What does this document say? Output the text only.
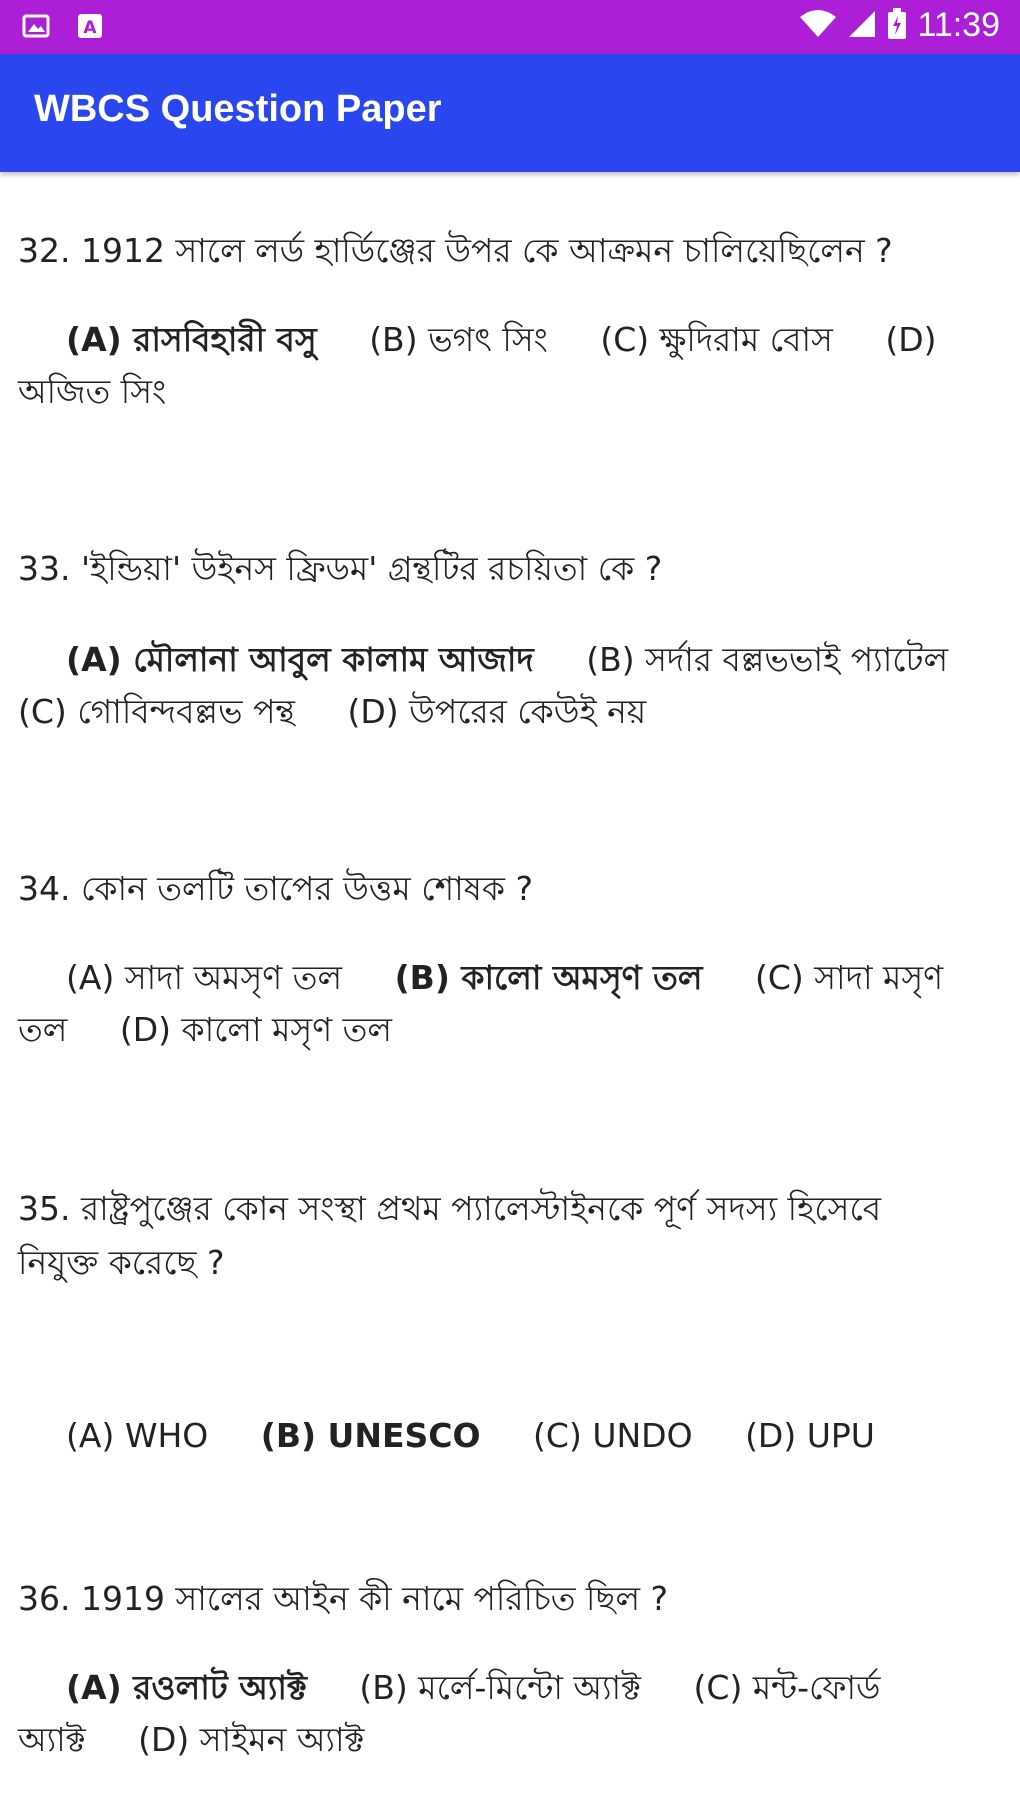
A	11:39
WBCS Question Paper
32. 1912 সালে লর্ড হার্ডিঞ্জের উপর কে আক্রমন চালিয়েছিলেন ?
(A) রাসবিহারী বসু (B) ভগৎ সিং (C) ক্ষুদিরাম বোস (D) অজিত সিং
33. 'ইন্ডিয়া' উইনস ফ্রিডম' গ্রন্থটির রচয়িতা কে ?
(A) মৌলানা আবুল কালাম আজাদ (B) সর্দার বল্লভভাই প্যাটেল (C) গোবিন্দবল্লভ পন্থ (D) উপরের কেউই নয়
34. কোন তলটি তাপের উত্তম শোষক ?
(A) সাদা অমসৃণ তল (B) কালো অমসৃণ তল (C) সাদা মসৃণ তল (D) কালো মসৃণ তল
35. রাষ্ট্রপুঞ্জের কোন সংস্থা প্রথম প্যালেস্টাইনকে পূর্ণ সদস্য হিসেবে নিযুক্ত করেছে ?
(A) WHO (B) UNESCO (C) UNDO (D) UPU
36. 1919 সালের আইন কী নামে পরিচিত ছিল ?
(A) রওলাট অ্যাক্ট (B) মর্লে-মিন্টো অ্যাক্ট (C) মন্ট-ফোর্ড অ্যাক্ট (D) সাইমন অ্যাক্ট
